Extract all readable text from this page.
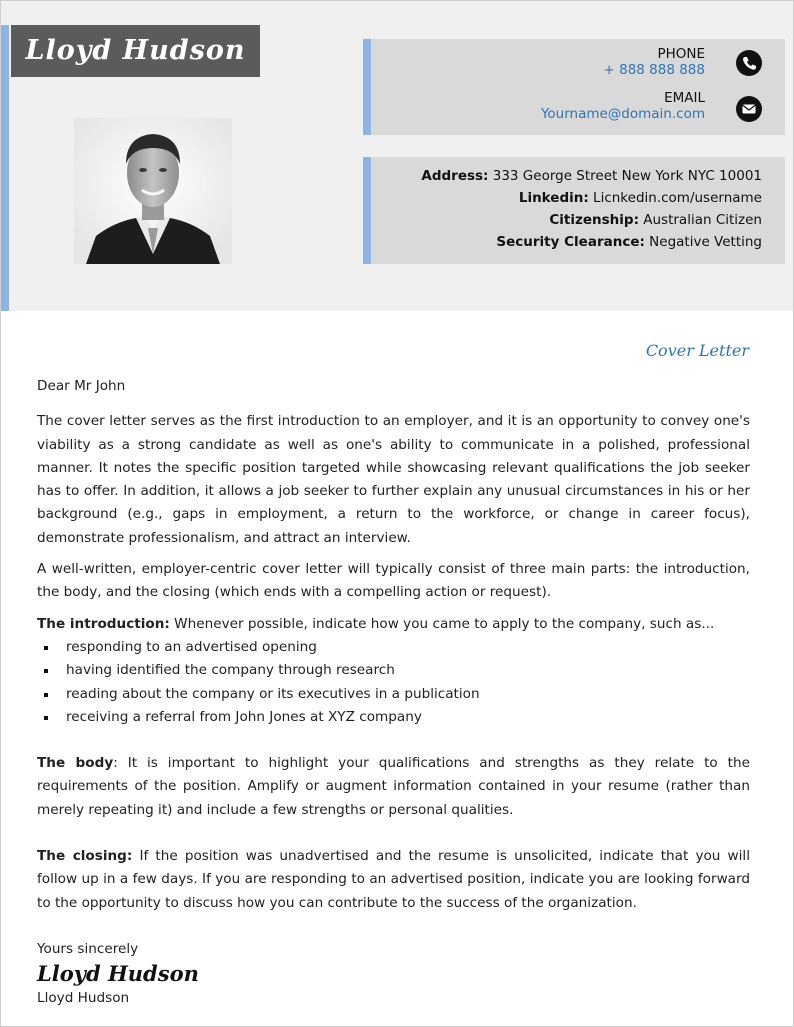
Lloyd Hudson	PHONE
+ 888 888 888
EMAIL
Yourname@domain.com
Address: 333 George Street New York NYC 10001
Linkedin: Licnkedin.com/username
Citizenship: Australian Citizen
Security Clearance: Negative Vetting
Cover Letter

Dear Mr John

The cover letter serves as the first introduction to an employer, and it is an opportunity to convey one's viability as a strong candidate as well as one's ability to communicate in a polished, professional manner. It notes the specific position targeted while showcasing relevant qualifications the job seeker has to offer. In addition, it allows a job seeker to further explain any unusual circumstances in his or her background (e.g., gaps in employment, a return to the workforce, or change in career focus), demonstrate professionalism, and attract an interview.

A well-written, employer-centric cover letter will typically consist of three main parts: the introduction, the body, and the closing (which ends with a compelling action or request).

The introduction: Whenever possible, indicate how you came to apply to the company, such as...

responding to an advertised opening
having identified the company through research
reading about the company or its executives in a publication
receiving a referral from John Jones at XYZ company

The body: It is important to highlight your qualifications and strengths as they relate to the requirements of the position. Amplify or augment information contained in your resume (rather than merely repeating it) and include a few strengths or personal qualities.

The closing: If the position was unadvertised and the resume is unsolicited, indicate that you will follow up in a few days. If you are responding to an advertised position, indicate you are looking forward to the opportunity to discuss how you can contribute to the success of the organization.

Yours sincerely

Lloyd Hudson

Lloyd Hudson
